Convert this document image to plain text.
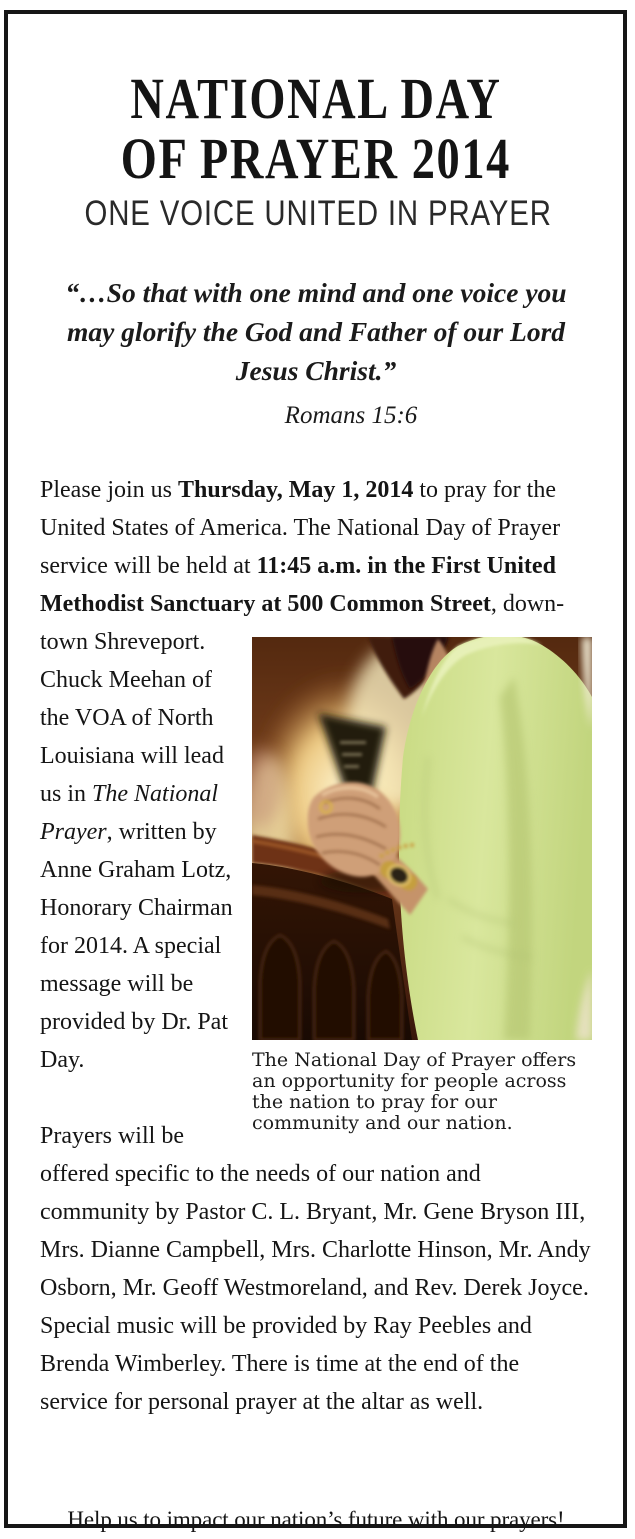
NATIONAL DAY
OF PRAYER 2014
ONE VOICE UNITED IN PRAYER
“…So that with one mind and one voice you
may glorify the God and Father of our Lord
Jesus Christ.”
Romans 15:6
Please join us Thursday, May 1, 2014 to pray for the United States of America. The National Day of Prayer service will be held at 11:45 a.m. in the First United Methodist Sanctuary at 500 Common Street, down-
The National Day of Prayer offers an opportunity for people across the nation to pray for our community and our nation.
town Shreveport. Chuck Meehan of the VOA of North Louisiana will lead us in The National Prayer, written by Anne Graham Lotz, Honorary Chairman for 2014. A special message will be provided by Dr. Pat Day.
Prayers will be offered specific to the needs of our nation and community by Pastor C. L. Bryant, Mr. Gene Bryson III, Mrs. Dianne Campbell, Mrs. Charlotte Hinson, Mr. Andy Osborn, Mr. Geoff Westmoreland, and Rev. Derek Joyce. Special music will be provided by Ray Peebles and Brenda Wimberley. There is time at the end of the service for personal prayer at the altar as well.
Help us to impact our nation’s future with our prayers!
